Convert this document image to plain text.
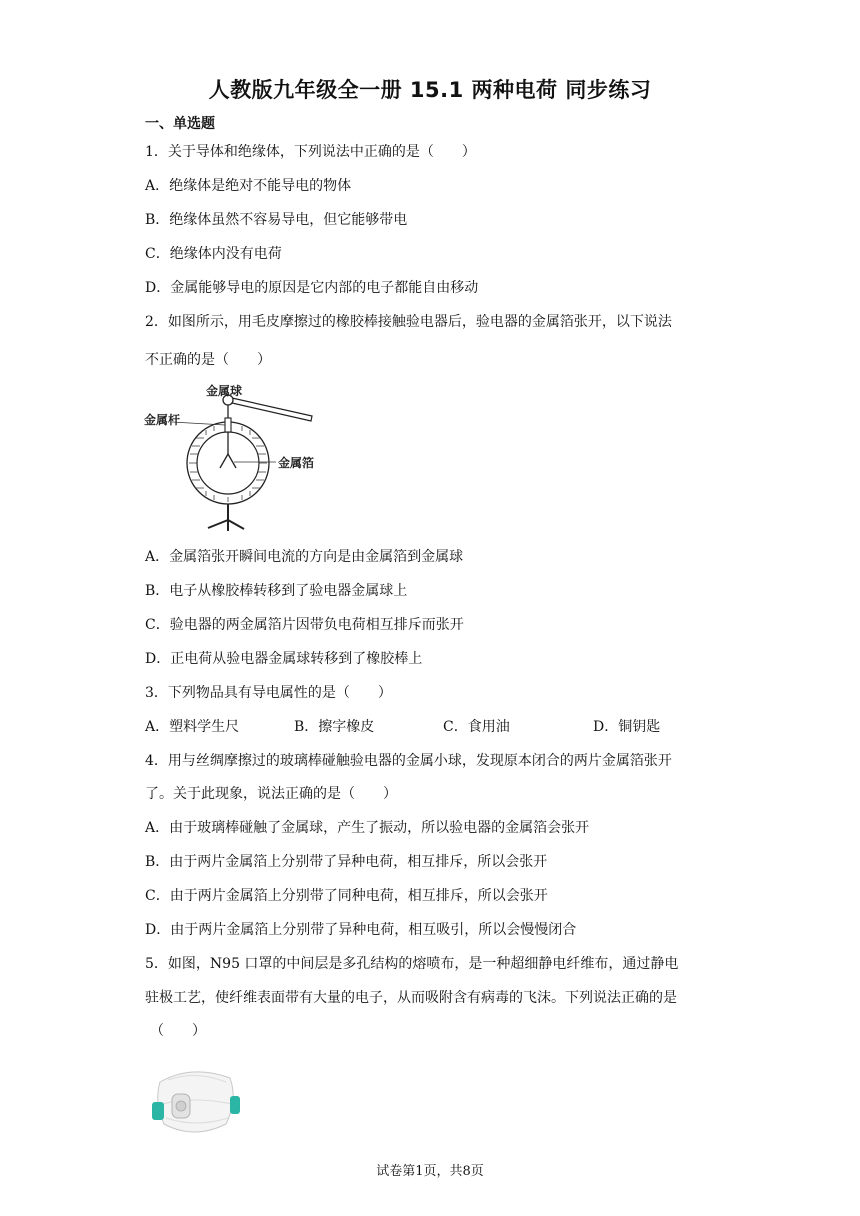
人教版九年级全一册 15.1 两种电荷 同步练习
一、单选题
1．关于导体和绝缘体，下列说法中正确的是（　　）
A．绝缘体是绝对不能导电的物体
B．绝缘体虽然不容易导电，但它能够带电
C．绝缘体内没有电荷
D．金属能够导电的原因是它内部的电子都能自由移动
2．如图所示，用毛皮摩擦过的橡胶棒接触验电器后，验电器的金属箔张开，以下说法
不正确的是（　　）
金属球
金属杆
金属箔
A．金属箔张开瞬间电流的方向是由金属箔到金属球
B．电子从橡胶棒转移到了验电器金属球上
C．验电器的两金属箔片因带负电荷相互排斥而张开
D．正电荷从验电器金属球转移到了橡胶棒上
3．下列物品具有导电属性的是（　　）
A．塑料学生尺	B．擦字橡皮	C．食用油	D．铜钥匙
4．用与丝绸摩擦过的玻璃棒碰触验电器的金属小球，发现原本闭合的两片金属箔张开
了。关于此现象，说法正确的是（　　）
A．由于玻璃棒碰触了金属球，产生了振动，所以验电器的金属箔会张开
B．由于两片金属箔上分别带了异种电荷，相互排斥，所以会张开
C．由于两片金属箔上分别带了同种电荷，相互排斥，所以会张开
D．由于两片金属箔上分别带了异种电荷，相互吸引，所以会慢慢闭合
5．如图，N95 口罩的中间层是多孔结构的熔喷布，是一种超细静电纤维布，通过静电
驻极工艺，使纤维表面带有大量的电子，从而吸附含有病毒的飞沫。下列说法正确的是
（　　）
试卷第1页，共8页
